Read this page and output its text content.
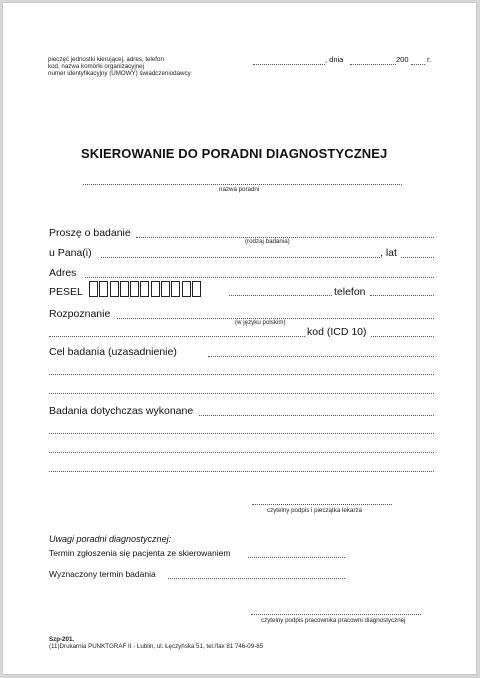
pieczęć jednostki kierującej, adres, telefon
kod, nazwa komórki organizacyjnej
numer identyfikacyjny (UMOWY) świadczeniodawcy
, dnia	200 r.
SKIEROWANIE DO PORADNI DIAGNOSTYCZNEJ
nazwa poradni
Proszę o badanie
(rodzaj badania)
u Pana(i)	, lat
Adres
PESEL	telefon
Rozpoznanie
(w języku polskim)
kod (ICD 10)
Cel badania (uzasadnienie)
Badania dotychczas wykonane
czytelny podpis i pieczątka lekarza
Uwagi poradni diagnostycznej:
Termin zgłoszenia się pacjenta ze skierowaniem
Wyznaczony termin badania
czytelny podpis pracownika pracowni diagnostycznej
Szp-201.
(11)Drukarnia PUNKTGRAF II - Lublin, ul. Łęczyńska 51, tel./fax 81 746-09-85
